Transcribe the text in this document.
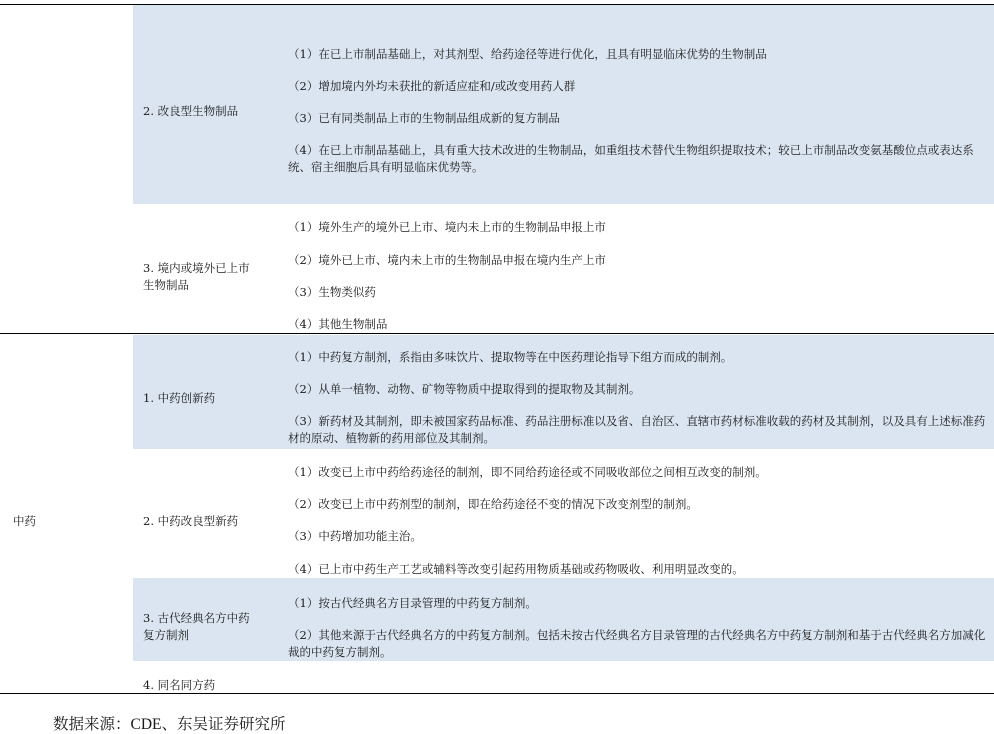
2. 改良型生物制品
（1）在已上市制品基础上，对其剂型、给药途径等进行优化，且具有明显临床优势的生物制品
（2）增加境内外均未获批的新适应症和/或改变用药人群
（3）已有同类制品上市的生物制品组成新的复方制品
（4）在已上市制品基础上，具有重大技术改进的生物制品，如重组技术替代生物组织提取技术；较已上市制品改变氨基酸位点或表达系统、宿主细胞后具有明显临床优势等。
3. 境内或境外已上市生物制品
（1）境外生产的境外已上市、境内未上市的生物制品申报上市
（2）境外已上市、境内未上市的生物制品申报在境内生产上市
（3）生物类似药
（4）其他生物制品
中药
1. 中药创新药
（1）中药复方制剂，系指由多味饮片、提取物等在中医药理论指导下组方而成的制剂。
（2）从单一植物、动物、矿物等物质中提取得到的提取物及其制剂。
（3）新药材及其制剂，即未被国家药品标准、药品注册标准以及省、自治区、直辖市药材标准收载的药材及其制剂，以及具有上述标准药材的原动、植物新的药用部位及其制剂。
2. 中药改良型新药
（1）改变已上市中药给药途径的制剂，即不同给药途径或不同吸收部位之间相互改变的制剂。
（2）改变已上市中药剂型的制剂，即在给药途径不变的情况下改变剂型的制剂。
（3）中药增加功能主治。
（4）已上市中药生产工艺或辅料等改变引起药用物质基础或药物吸收、利用明显改变的。
3. 古代经典名方中药复方制剂
（1）按古代经典名方目录管理的中药复方制剂。
（2）其他来源于古代经典名方的中药复方制剂。包括未按古代经典名方目录管理的古代经典名方中药复方制剂和基于古代经典名方加减化裁的中药复方制剂。
4. 同名同方药
数据来源：CDE、东吴证券研究所
